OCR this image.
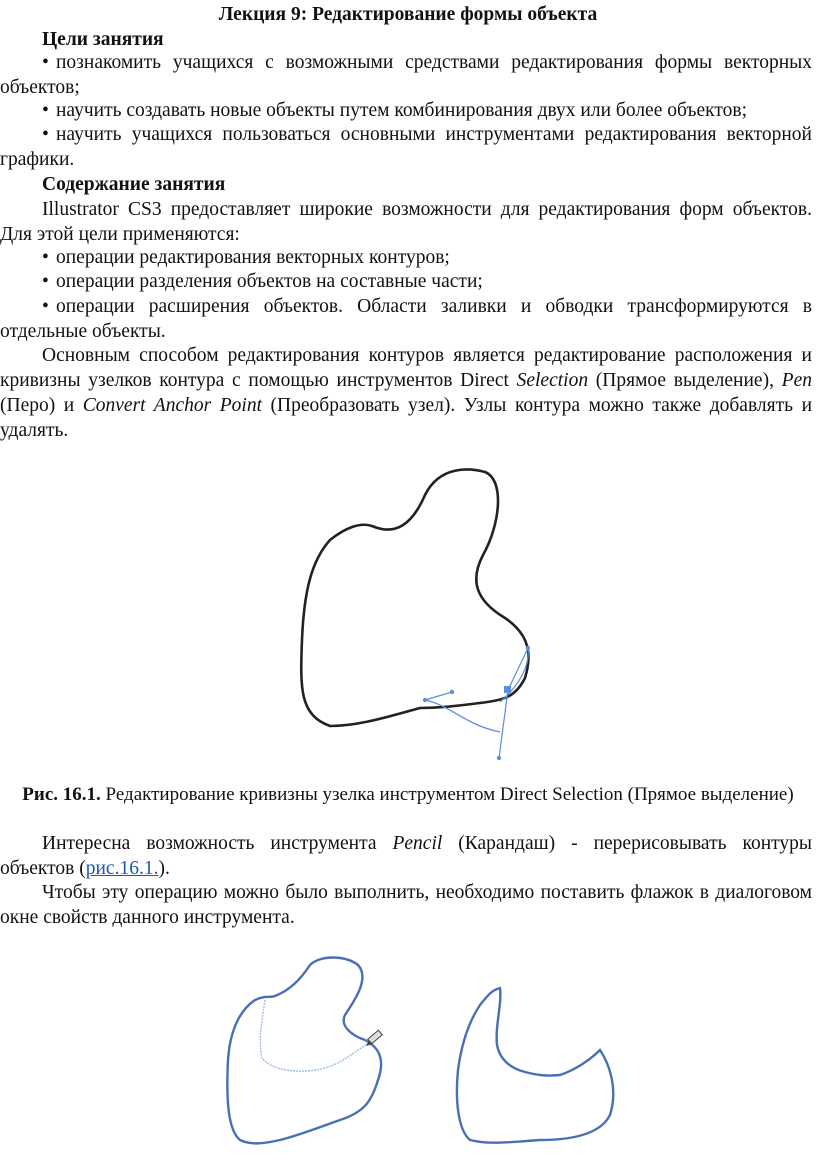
Лекция 9: Редактирование формы объекта
Цели занятия
• познакомить учащихся с возможными средствами редактирования формы векторных объектов;
• научить создавать новые объекты путем комбинирования двух или более объектов;
• научить учащихся пользоваться основными инструментами редактирования векторной графики.
Содержание занятия
Illustrator CS3 предоставляет широкие возможности для редактирования форм объектов. Для этой цели применяются:
• операции редактирования векторных контуров;
• операции разделения объектов на составные части;
• операции расширения объектов. Области заливки и обводки трансформируются в отдельные объекты.
Основным способом редактирования контуров является редактирование расположения и кривизны узелков контура с помощью инструментов Direct Selection (Прямое выделение), Pen (Перо) и Convert Anchor Point (Преобразовать узел). Узлы контура можно также добавлять и удалять.
Рис. 16.1. Редактирование кривизны узелка инструментом Direct Selection (Прямое выделение)
Интересна возможность инструмента Pencil (Карандаш) - перерисовывать контуры объектов (рис.16.1.).
Чтобы эту операцию можно было выполнить, необходимо поставить флажок в диалоговом окне свойств данного инструмента.
